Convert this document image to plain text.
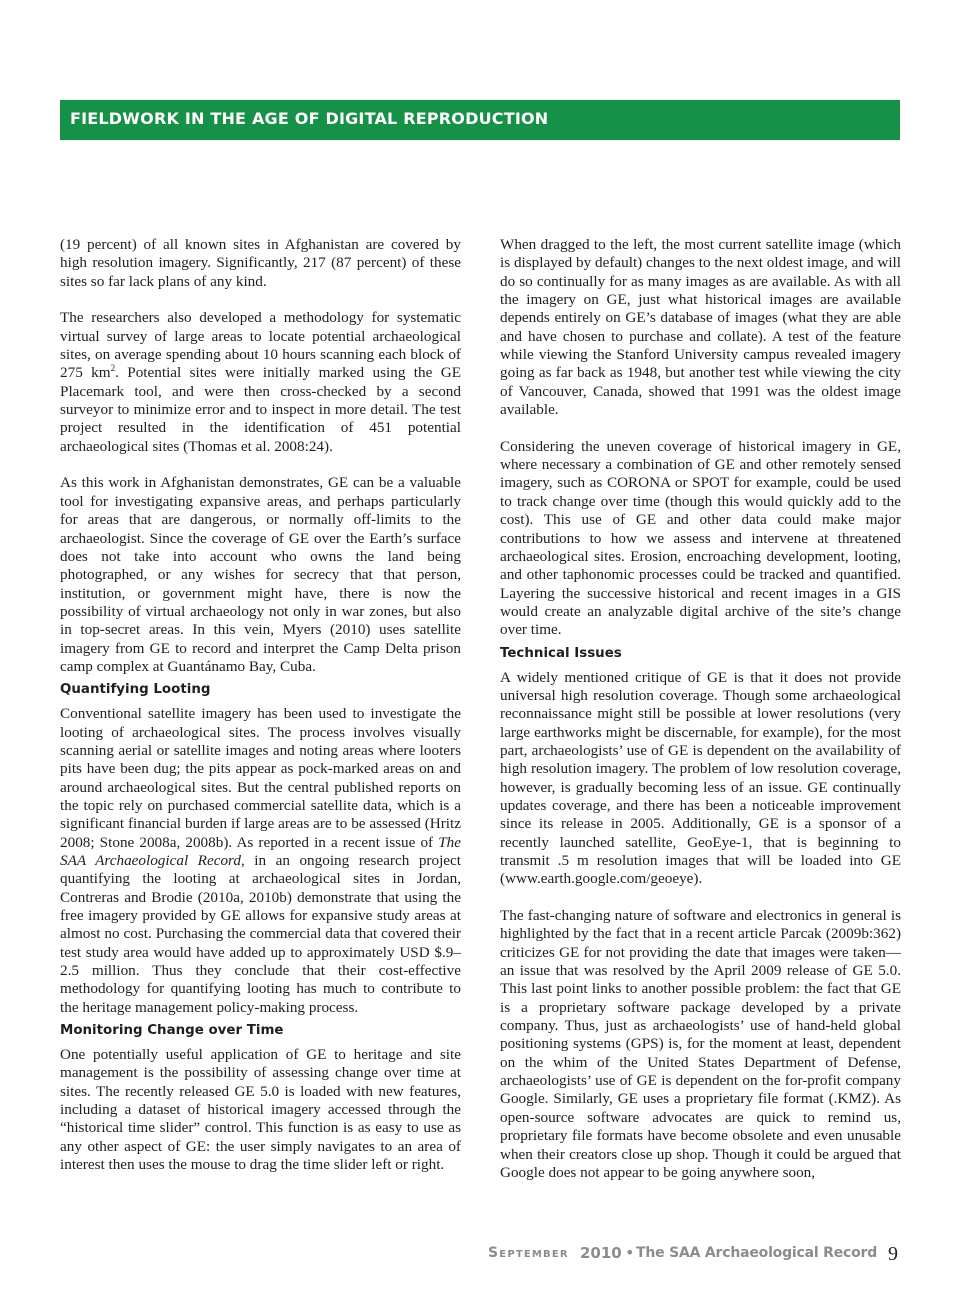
FIELDWORK IN THE AGE OF DIGITAL REPRODUCTION

(19 percent) of all known sites in Afghanistan are covered by high resolution imagery. Significantly, 217 (87 percent) of these sites so far lack plans of any kind.

The researchers also developed a methodology for systematic virtual survey of large areas to locate potential archaeological sites, on average spending about 10 hours scanning each block of 275 $km^2$. Potential sites were initially marked using the GE Placemark tool, and were then cross-checked by a second surveyor to minimize error and to inspect in more detail. The test project resulted in the identification of 451 potential archaeological sites (Thomas et al. 2008:24).

As this work in Afghanistan demonstrates, GE can be a valuable tool for investigating expansive areas, and perhaps particularly for areas that are dangerous, or normally off-limits to the archaeologist. Since the coverage of GE over the Earth’s surface does not take into account who owns the land being photographed, or any wishes for secrecy that that person, institution, or government might have, there is now the possibility of virtual archaeology not only in war zones, but also in top-secret areas. In this vein, Myers (2010) uses satellite imagery from GE to record and interpret the Camp Delta prison camp complex at Guantánamo Bay, Cuba.

Quantifying Looting

Conventional satellite imagery has been used to investigate the looting of archaeological sites. The process involves visually scanning aerial or satellite images and noting areas where looters pits have been dug; the pits appear as pock-marked areas on and around archaeological sites. But the central published reports on the topic rely on purchased commercial satellite data, which is a significant financial burden if large areas are to be assessed (Hritz 2008; Stone 2008a, 2008b). As reported in a recent issue of The SAA Archaeological Record, in an ongoing research project quantifying the looting at archaeological sites in Jordan, Contreras and Brodie (2010a, 2010b) demonstrate that using the free imagery provided by GE allows for expansive study areas at almost no cost. Purchasing the commercial data that covered their test study area would have added up to approximately USD $.9–2.5 million. Thus they conclude that their cost-effective methodology for quantifying looting has much to contribute to the heritage management policy-making process.

Monitoring Change over Time

One potentially useful application of GE to heritage and site management is the possibility of assessing change over time at sites. The recently released GE 5.0 is loaded with new features, including a dataset of historical imagery accessed through the “historical time slider” control. This function is as easy to use as any other aspect of GE: the user simply navigates to an area of interest then uses the mouse to drag the time slider left or right.

When dragged to the left, the most current satellite image (which is displayed by default) changes to the next oldest image, and will do so continually for as many images as are available. As with all the imagery on GE, just what historical images are available depends entirely on GE’s database of images (what they are able and have chosen to purchase and collate). A test of the feature while viewing the Stanford University campus revealed imagery going as far back as 1948, but another test while viewing the city of Vancouver, Canada, showed that 1991 was the oldest image available.

Considering the uneven coverage of historical imagery in GE, where necessary a combination of GE and other remotely sensed imagery, such as CORONA or SPOT for example, could be used to track change over time (though this would quickly add to the cost). This use of GE and other data could make major contributions to how we assess and intervene at threatened archaeological sites. Erosion, encroaching development, looting, and other taphonomic processes could be tracked and quantified. Layering the successive historical and recent images in a GIS would create an analyzable digital archive of the site’s change over time.

Technical Issues

A widely mentioned critique of GE is that it does not provide universal high resolution coverage. Though some archaeological reconnaissance might still be possible at lower resolutions (very large earthworks might be discernable, for example), for the most part, archaeologists’ use of GE is dependent on the availability of high resolution imagery. The problem of low resolution coverage, however, is gradually becoming less of an issue. GE continually updates coverage, and there has been a noticeable improvement since its release in 2005. Additionally, GE is a sponsor of a recently launched satellite, GeoEye-1, that is beginning to transmit .5 m resolution images that will be loaded into GE (www.earth.google.com/geoeye).

The fast-changing nature of software and electronics in general is highlighted by the fact that in a recent article Parcak (2009b:362) criticizes GE for not providing the date that images were taken—an issue that was resolved by the April 2009 release of GE 5.0. This last point links to another possible problem: the fact that GE is a proprietary software package developed by a private company. Thus, just as archaeologists’ use of hand-held global positioning systems (GPS) is, for the moment at least, dependent on the whim of the United States Department of Defense, archaeologists’ use of GE is dependent on the for-profit company Google. Similarly, GE uses a proprietary file format (.KMZ). As open-source software advocates are quick to remind us, proprietary file formats have become obsolete and even unusable when their creators close up shop. Though it could be argued that Google does not appear to be going anywhere soon,

September 2010 • The SAA Archaeological Record 9
